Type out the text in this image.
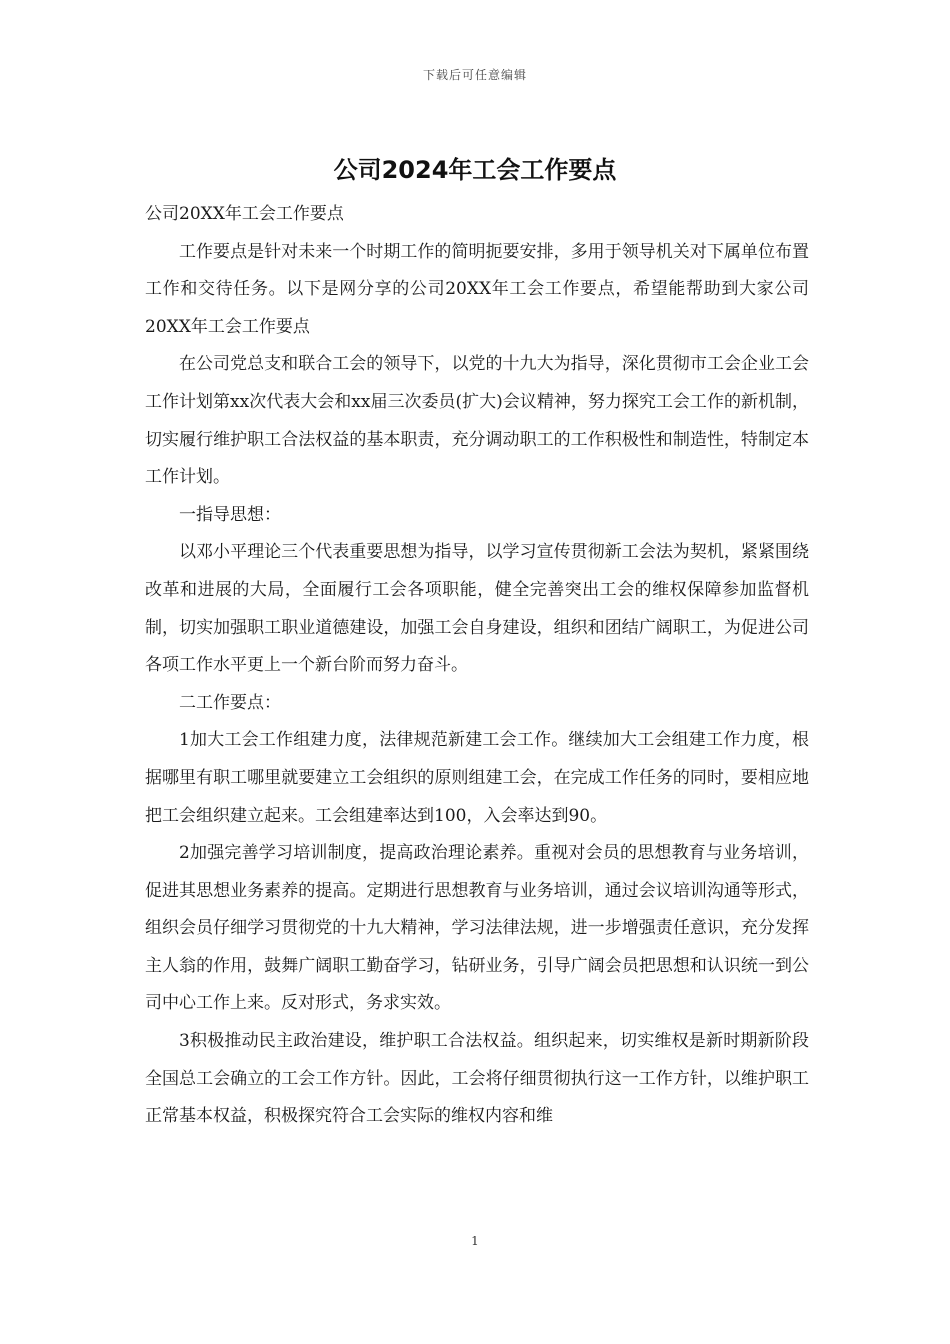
下载后可任意编辑
公司2024年工会工作要点

公司20XX年工会工作要点

工作要点是针对未来一个时期工作的简明扼要安排，多用于领导机关对下属单位布置工作和交待任务。以下是网分享的公司20XX年工会工作要点，希望能帮助到大家公司20XX年工会工作要点

在公司党总支和联合工会的领导下，以党的十九大为指导，深化贯彻市工会企业工会工作计划第xx次代表大会和xx届三次委员(扩大)会议精神，努力探究工会工作的新机制，切实履行维护职工合法权益的基本职责，充分调动职工的工作积极性和制造性，特制定本工作计划。

一指导思想：

以邓小平理论三个代表重要思想为指导，以学习宣传贯彻新工会法为契机，紧紧围绕改革和进展的大局，全面履行工会各项职能，健全完善突出工会的维权保障参加监督机制，切实加强职工职业道德建设，加强工会自身建设，组织和团结广阔职工，为促进公司各项工作水平更上一个新台阶而努力奋斗。

二工作要点：

1加大工会工作组建力度，法律规范新建工会工作。继续加大工会组建工作力度，根据哪里有职工哪里就要建立工会组织的原则组建工会，在完成工作任务的同时，要相应地把工会组织建立起来。工会组建率达到100，入会率达到90。

2加强完善学习培训制度，提高政治理论素养。重视对会员的思想教育与业务培训，促进其思想业务素养的提高。定期进行思想教育与业务培训，通过会议培训沟通等形式，组织会员仔细学习贯彻党的十九大精神，学习法律法规，进一步增强责任意识，充分发挥主人翁的作用，鼓舞广阔职工勤奋学习，钻研业务，引导广阔会员把思想和认识统一到公司中心工作上来。反对形式，务求实效。

3积极推动民主政治建设，维护职工合法权益。组织起来，切实维权是新时期新阶段全国总工会确立的工会工作方针。因此，工会将仔细贯彻执行这一工作方针，以维护职工正常基本权益，积极探究符合工会实际的维权内容和维

1
